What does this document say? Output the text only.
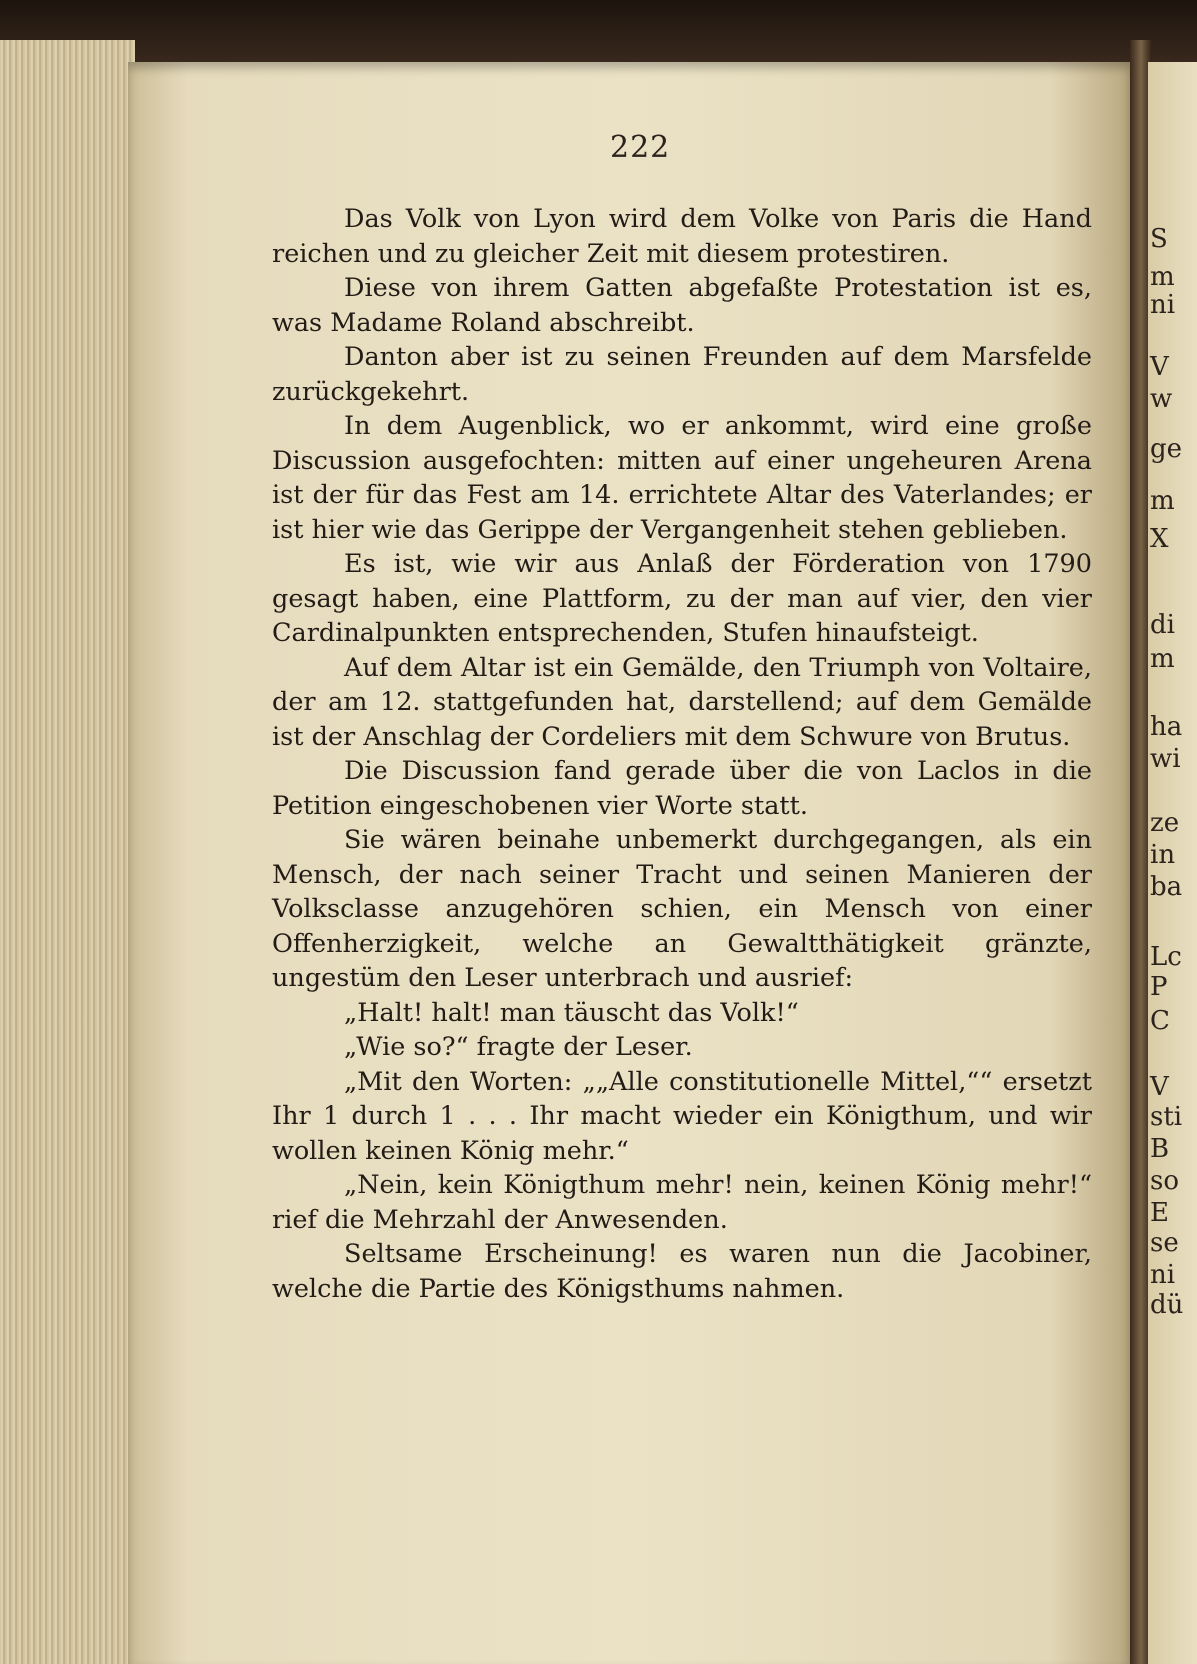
S
m
ni
V
w
ge
m
X
di
m
ha
wi
ze
in
ba
Lc
P
C
V
sti
B
so
E
se
ni
dü
222

Das Volk von Lyon wird dem Volke von Paris die Hand reichen und zu gleicher Zeit mit diesem protestiren.

Diese von ihrem Gatten abgefaßte Protestation ist es, was Madame Roland abschreibt.

Danton aber ist zu seinen Freunden auf dem Marsfelde zurückgekehrt.

In dem Augenblick, wo er ankommt, wird eine große Discussion ausgefochten: mitten auf einer ungeheuren Arena ist der für das Fest am 14. errichtete Altar des Vaterlandes; er ist hier wie das Gerippe der Vergangenheit stehen geblieben.

Es ist, wie wir aus Anlaß der Förderation von 1790 gesagt haben, eine Plattform, zu der man auf vier, den vier Cardinalpunkten entsprechenden, Stufen hinaufsteigt.

Auf dem Altar ist ein Gemälde, den Triumph von Voltaire, der am 12. stattgefunden hat, darstellend; auf dem Gemälde ist der Anschlag der Cordeliers mit dem Schwure von Brutus.

Die Discussion fand gerade über die von Laclos in die Petition eingeschobenen vier Worte statt.

Sie wären beinahe unbemerkt durchgegangen, als ein Mensch, der nach seiner Tracht und seinen Manieren der Volksclasse anzugehören schien, ein Mensch von einer Offenherzigkeit, welche an Gewaltthätigkeit gränzte, ungestüm den Leser unterbrach und ausrief:

„Halt! halt! man täuscht das Volk!“

„Wie so?“ fragte der Leser.

„Mit den Worten: „„Alle constitutionelle Mittel,““ ersetzt Ihr 1 durch 1 . . . Ihr macht wieder ein Königthum, und wir wollen keinen König mehr.“

„Nein, kein Königthum mehr! nein, keinen König mehr!“ rief die Mehrzahl der Anwesenden.

Seltsame Erscheinung! es waren nun die Jacobiner, welche die Partie des Königsthums nahmen.
